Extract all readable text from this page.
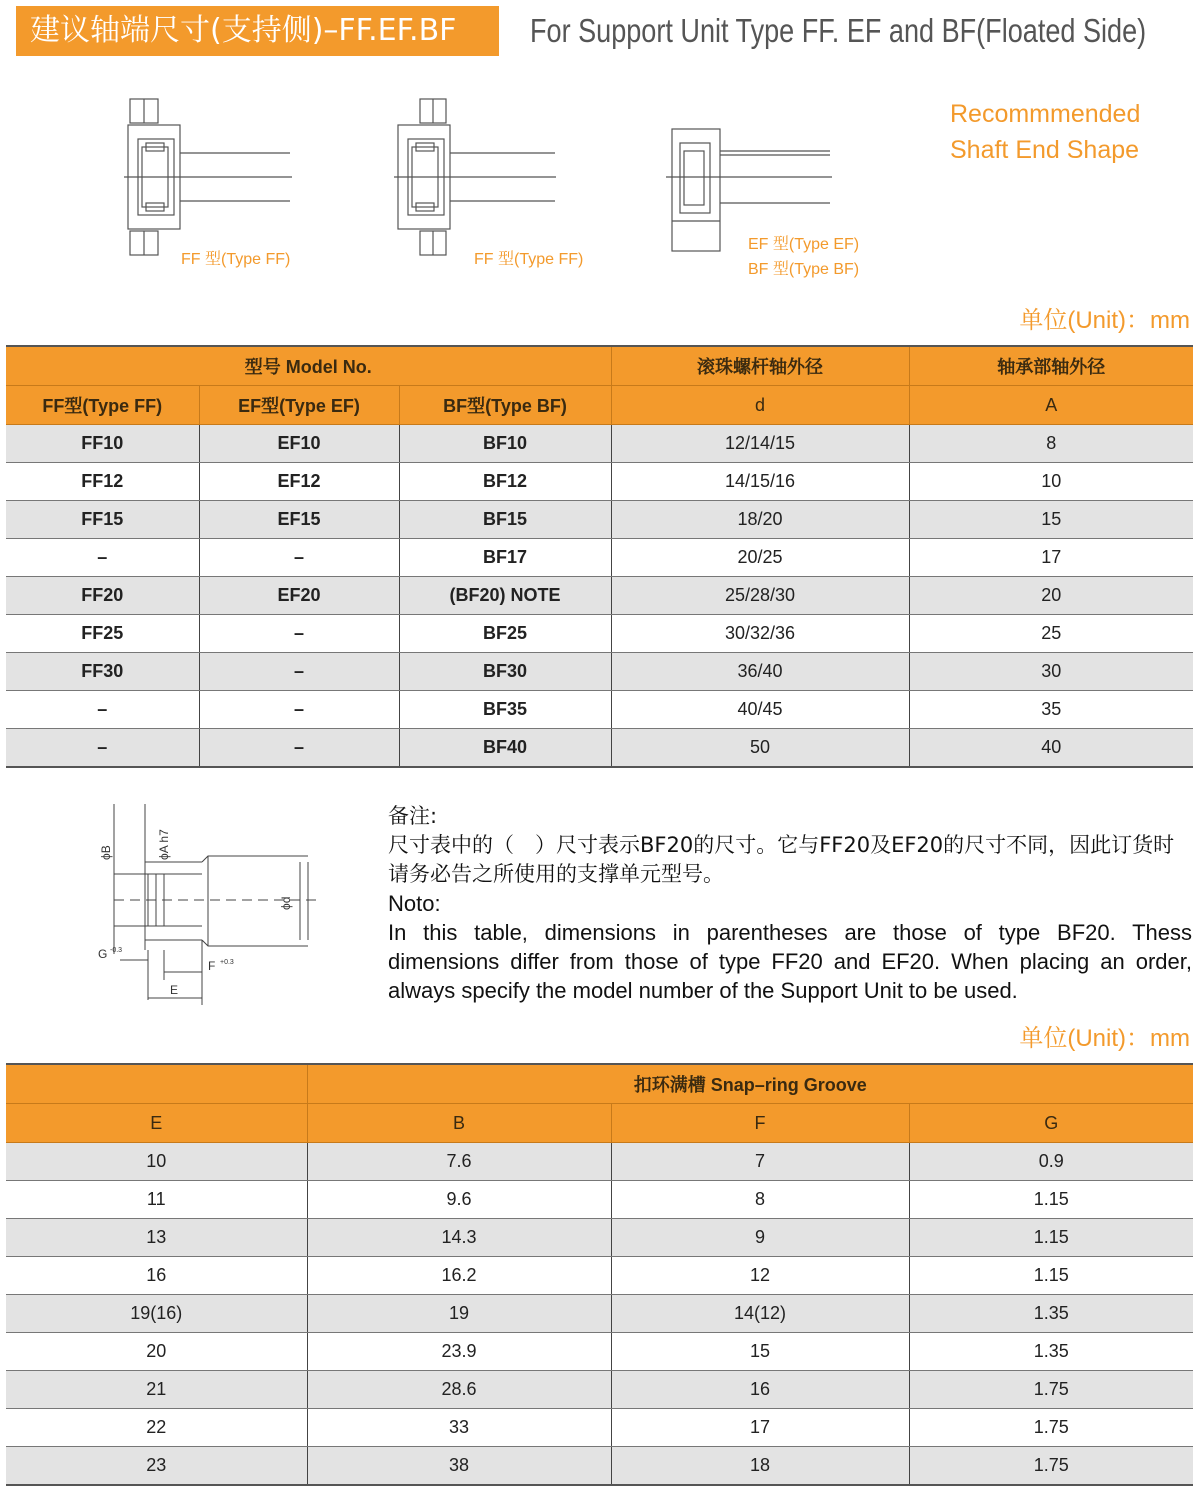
建议轴端尺寸(支持侧)–FF.EF.BF	For Support Unit Type FF. EF and BF(Floated Side)
FF 型(Type FF)	FF 型(Type FF)
EF 型(Type EF)
BF 型(Type BF)
Recommmended
Shaft End Shape
单位(Unit)：mm
型号 Model No.			滚珠螺杆轴外径	轴承部轴外径
FF型(Type FF)	EF型(Type EF)	BF型(Type BF)	d	A
FF10	EF10	BF10	12/14/15	8
FF12	EF12	BF12	14/15/16	10
FF15	EF15	BF15	18/20	15
–	–	BF17	20/25	17
FF20	EF20	(BF20) NOTE	25/28/30	20
FF25	–	BF25	30/32/36	25
FF30	–	BF30	36/40	30
–	–	BF35	40/45	35
–	–	BF40	50	40
ϕB	ϕA h7
ϕd
G -0.3
F +0.3
E
备注:
尺寸表中的（　）尺寸表示BF20的尺寸。它与FF20及EF20的尺寸不同，因此订货时请务必告之所使用的支撑单元型号。
Noto:
In this table, dimensions in parentheses are those of type BF20. Thess dimensions differ from those of type FF20 and EF20. When placing an order, always specify the model number of the Support Unit to be used.
单位(Unit)：mm
	扣环满槽 Snap–ring Groove		
E	B	F	G
10	7.6	7	0.9
11	9.6	8	1.15
13	14.3	9	1.15
16	16.2	12	1.15
19(16)	19	14(12)	1.35
20	23.9	15	1.35
21	28.6	16	1.75
22	33	17	1.75
23	38	18	1.75
